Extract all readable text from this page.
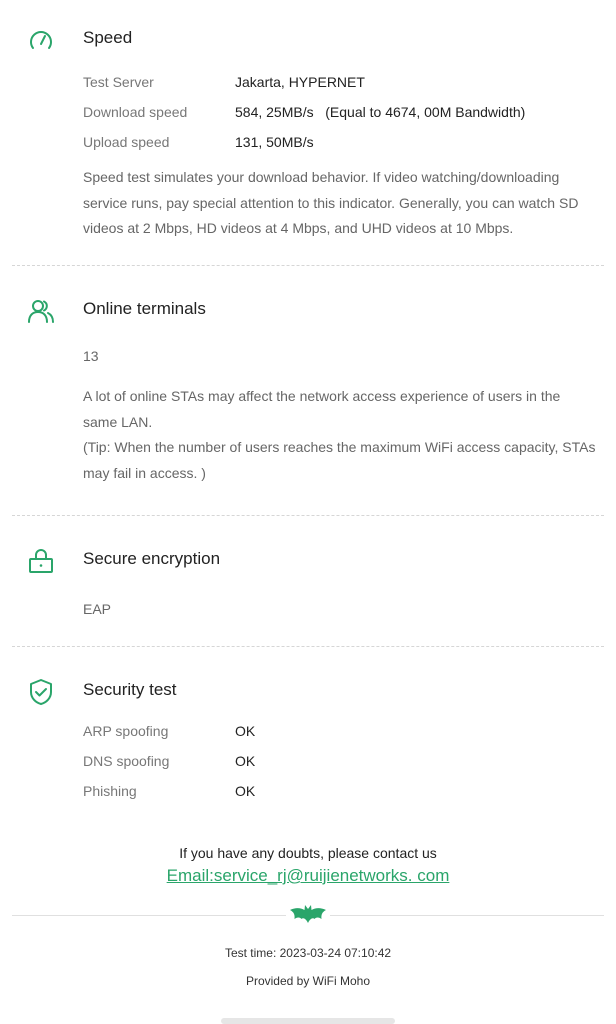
Speed
Test Server	Jakarta, HYPERNET
Download speed	584, 25MB/s   (Equal to 4674, 00M Bandwidth)
Upload speed	131, 50MB/s
Speed test simulates your download behavior. If video watching/downloading service runs, pay special attention to this indicator. Generally, you can watch SD videos at 2 Mbps, HD videos at 4 Mbps, and UHD videos at 10 Mbps.
Online terminals
13
A lot of online STAs may affect the network access experience of users in the same LAN.
(Tip: When the number of users reaches the maximum WiFi access capacity, STAs may fail in access. )
Secure encryption
EAP
Security test
ARP spoofing	OK
DNS spoofing	OK
Phishing	OK
If you have any doubts, please contact us
Email:service_rj@ruijienetworks. com
Test time: 2023-03-24 07:10:42
Provided by WiFi Moho
